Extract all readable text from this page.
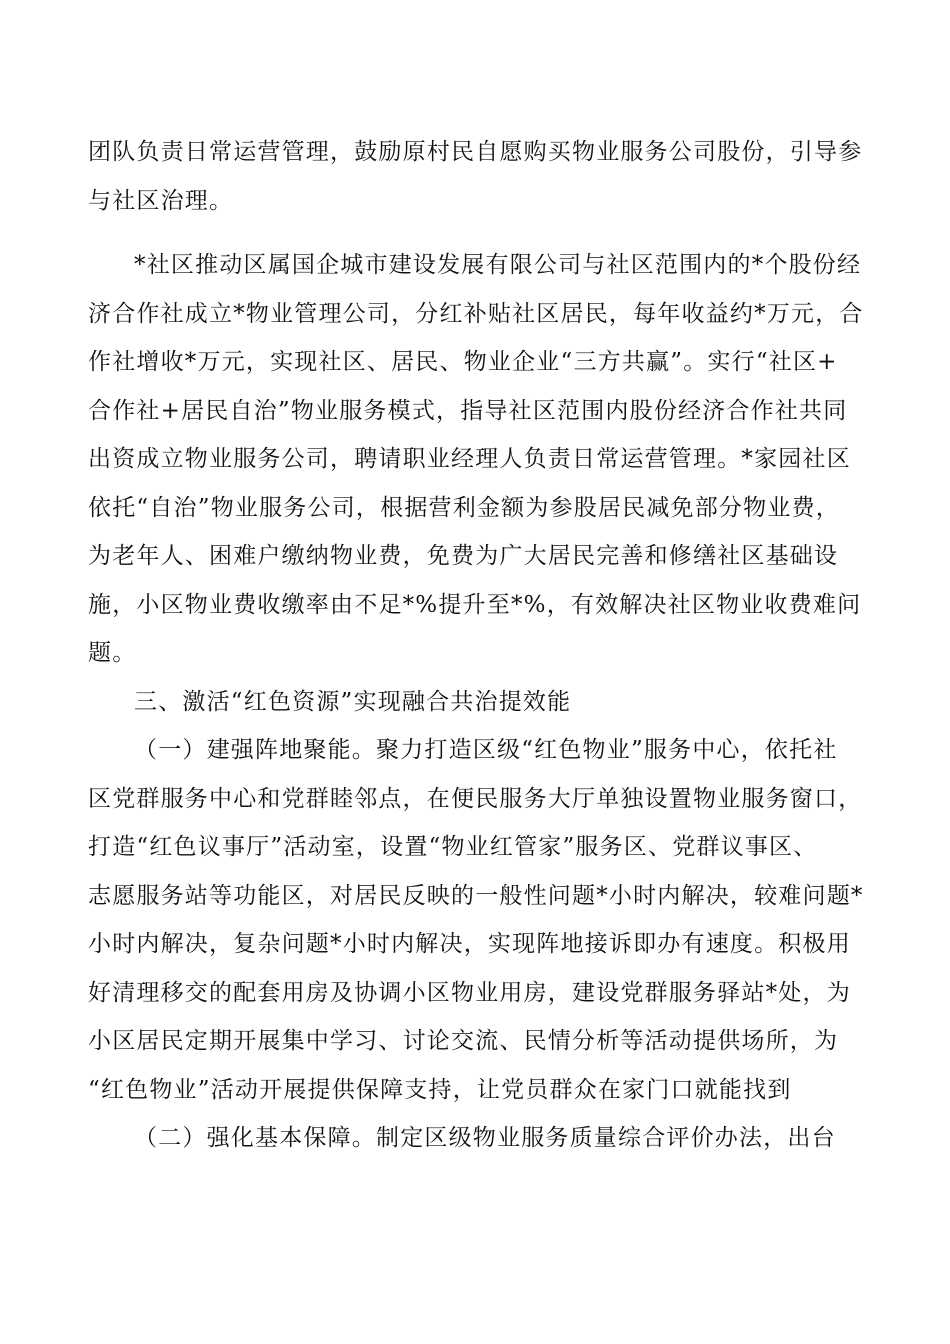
团队负责日常运营管理，鼓励原村民自愿购买物业服务公司股份，引导参
与社区治理。
*社区推动区属国企城市建设发展有限公司与社区范围内的*个股份经
济合作社成立*物业管理公司，分红补贴社区居民，每年收益约*万元，合
作社增收*万元，实现社区、居民、物业企业“三方共赢”。实行“社区+
合作社+居民自治”物业服务模式，指导社区范围内股份经济合作社共同
出资成立物业服务公司，聘请职业经理人负责日常运营管理。*家园社区
依托“自治”物业服务公司，根据营利金额为参股居民减免部分物业费，
为老年人、困难户缴纳物业费，免费为广大居民完善和修缮社区基础设
施，小区物业费收缴率由不足*%提升至*%，有效解决社区物业收费难问
题。
三、激活“红色资源”实现融合共治提效能
（一）建强阵地聚能。聚力打造区级“红色物业”服务中心，依托社
区党群服务中心和党群睦邻点，在便民服务大厅单独设置物业服务窗口，
打造“红色议事厅”活动室，设置“物业红管家”服务区、党群议事区、
志愿服务站等功能区，对居民反映的一般性问题*小时内解决，较难问题*
小时内解决，复杂问题*小时内解决，实现阵地接诉即办有速度。积极用
好清理移交的配套用房及协调小区物业用房，建设党群服务驿站*处，为
小区居民定期开展集中学习、讨论交流、民情分析等活动提供场所，为
“红色物业”活动开展提供保障支持，让党员群众在家门口就能找到
（二）强化基本保障。制定区级物业服务质量综合评价办法，出台
